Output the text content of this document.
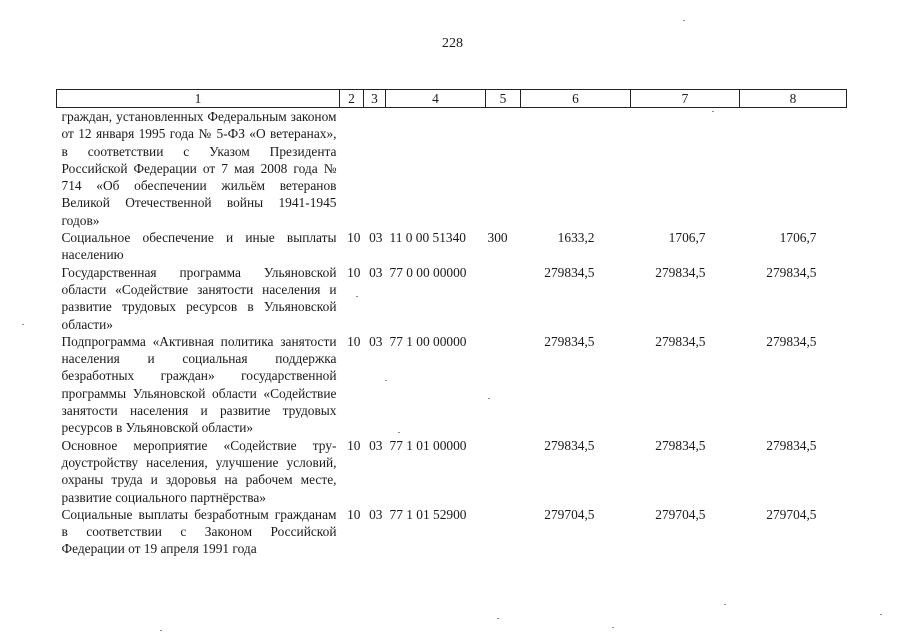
228
1	2	3	4	5	6	7	8
граждан, установленных Федеральным законом от 12 января 1995 года № 5-ФЗ «О ветеранах», в соответствии с Указом Президента Российской Федерации от 7 мая 2008 года № 714 «Об обеспечении жильём ветеранов Великой Отечественной войны 1941-1945 годов»							
Социальное обеспечение и иные выплаты населению	10	03	11 0 00 51340	300	1633,2	1706,7	1706,7
Государственная программа Ульяновской области «Содействие занятости населения и развитие трудовых ресурсов в Ульяновской области»	10	03	77 0 00 00000		279834,5	279834,5	279834,5
Подпрограмма «Активная политика занятости населения и социальная поддержка безработных граждан» государственной программы Ульяновской области «Содействие занятости населения и развитие трудовых ресурсов в Ульяновской области»	10	03	77 1 00 00000		279834,5	279834,5	279834,5
Основное мероприятие «Содействие трудоустройству населения, улучшение условий, охраны труда и здоровья на рабочем месте, развитие социального партнёрства»	10	03	77 1 01 00000		279834,5	279834,5	279834,5
Социальные выплаты безработным гражданам в соответствии с Законом Российской Федерации от 19 апреля 1991 года	10	03	77 1 01 52900		279704,5	279704,5	279704,5
